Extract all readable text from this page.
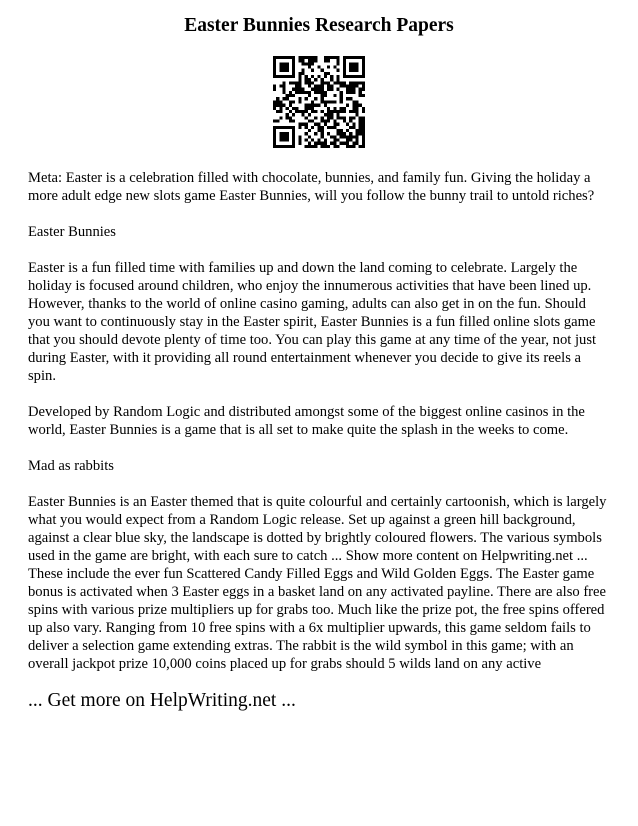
Easter Bunnies Research Papers

Meta: Easter is a celebration filled with chocolate, bunnies, and family fun. Giving the holiday a more adult edge new slots game Easter Bunnies, will you follow the bunny trail to untold riches?

Easter Bunnies

Easter is a fun filled time with families up and down the land coming to celebrate. Largely the holiday is focused around children, who enjoy the innumerous activities that have been lined up. However, thanks to the world of online casino gaming, adults can also get in on the fun. Should you want to continuously stay in the Easter spirit, Easter Bunnies is a fun filled online slots game that you should devote plenty of time too. You can play this game at any time of the year, not just during Easter, with it providing all round entertainment whenever you decide to give its reels a spin.

Developed by Random Logic and distributed amongst some of the biggest online casinos in the world, Easter Bunnies is a game that is all set to make quite the splash in the weeks to come.

Mad as rabbits

Easter Bunnies is an Easter themed that is quite colourful and certainly cartoonish, which is largely what you would expect from a Random Logic release. Set up against a green hill background, against a clear blue sky, the landscape is dotted by brightly coloured flowers. The various symbols used in the game are bright, with each sure to catch ... Show more content on Helpwriting.net ...

These include the ever fun Scattered Candy Filled Eggs and Wild Golden Eggs. The Easter game bonus is activated when 3 Easter eggs in a basket land on any activated payline. There are also free spins with various prize multipliers up for grabs too. Much like the prize pot, the free spins offered up also vary. Ranging from 10 free spins with a 6x multiplier upwards, this game seldom fails to deliver a selection game extending extras. The rabbit is the wild symbol in this game; with an overall jackpot prize 10,000 coins placed up for grabs should 5 wilds land on any active

... Get more on HelpWriting.net ...
